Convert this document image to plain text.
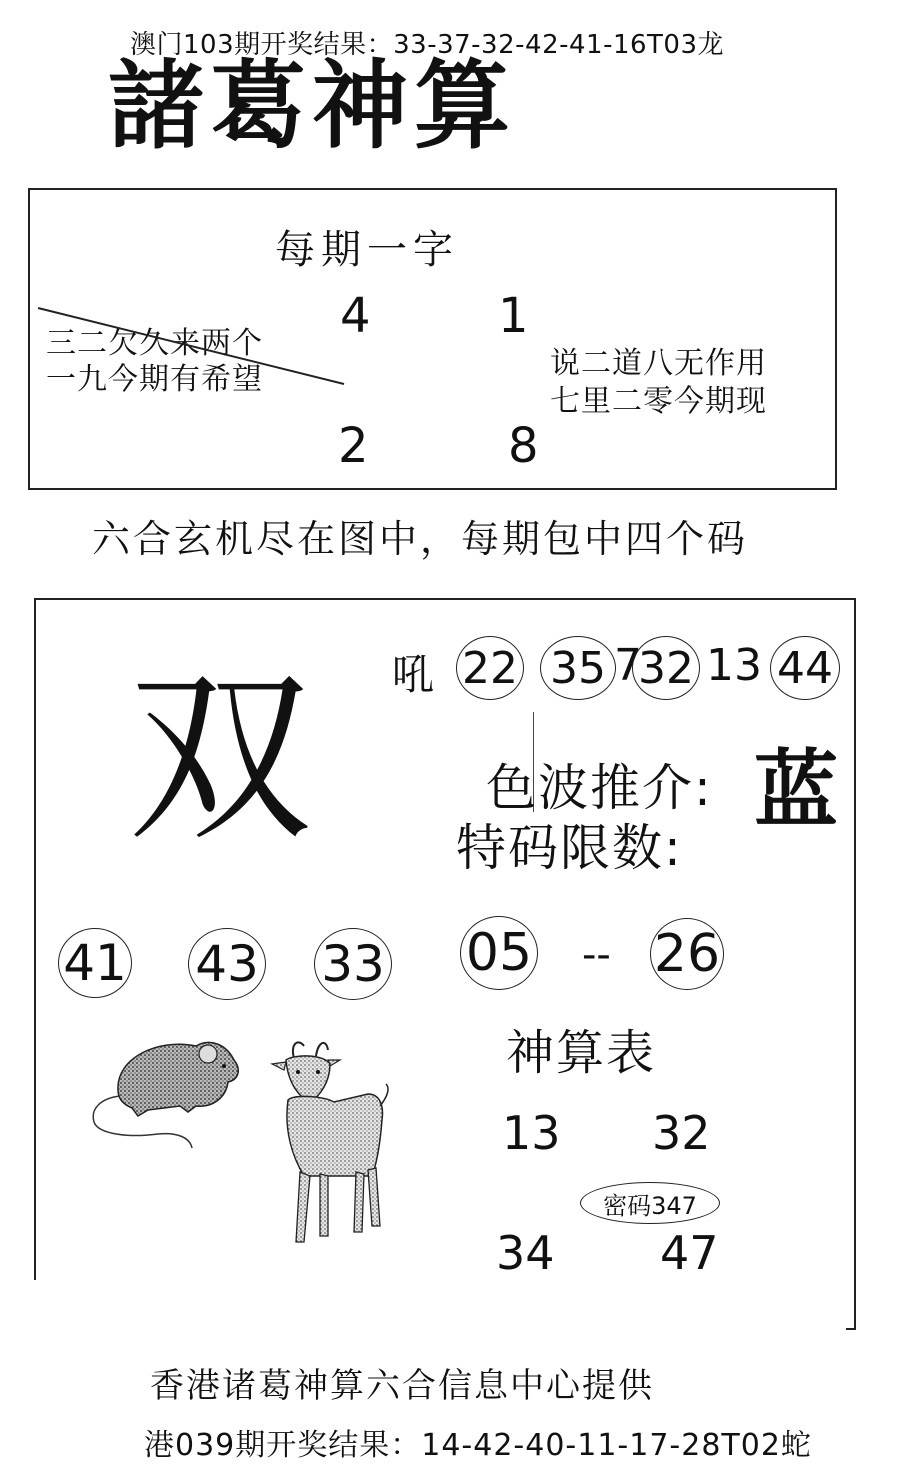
澳门103期开奖结果：33-37-32-42-41-16T03龙
諸葛神算
每期一字
4	1
三二欠久来两个
一九今期有希望	说二道八无作用
七里二零今期现
2	8
六合玄机尽在图中，每期包中四个码
双 吼 22 35 7
32 13 44
色波推介: 蓝
特码限数:
41 43 33 05 -- 26
神算表
13 32
34 47
密码347
香港诸葛神算六合信息中心提供
港039期开奖结果：14-42-40-11-17-28T02蛇
